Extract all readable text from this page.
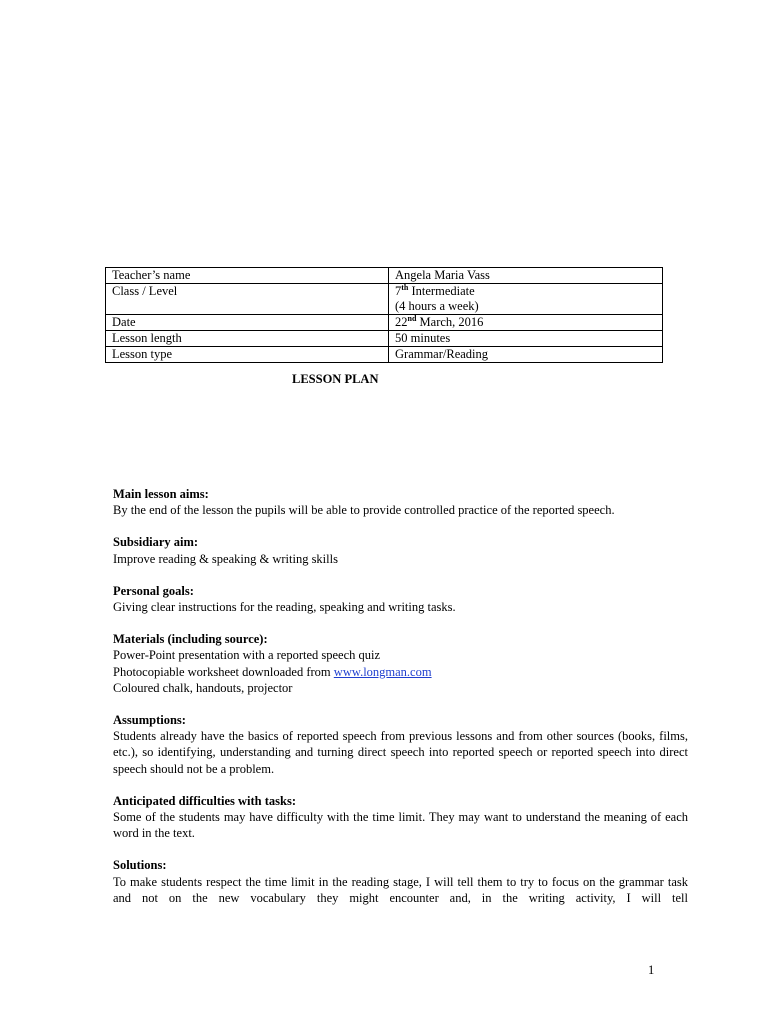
Teacher’s name	Angela Maria Vass
Class / Level	7th Intermediate
(4 hours a week)
Date	22nd March, 2016
Lesson length	50 minutes
Lesson type	Grammar/Reading
LESSON PLAN
Main lesson aims:

By the end of the lesson the pupils will be able to provide controlled practice of the reported speech.

Subsidiary aim:

Improve reading & speaking & writing skills

Personal goals:

Giving clear instructions for the reading, speaking and writing tasks.

Materials (including source):

Power-Point presentation with a reported speech quiz

Photocopiable worksheet downloaded from www.longman.com

Coloured chalk, handouts, projector

Assumptions:

Students already have the basics of reported speech from previous lessons and from other sources (books, films, etc.), so identifying, understanding and turning direct speech into reported speech or reported speech into direct speech should not be a problem.

Anticipated difficulties with tasks:

Some of the students may have difficulty with the time limit. They may want to understand the meaning of each word in the text.

Solutions:

To make students respect the time limit in the reading stage, I will tell them to try to focus on the grammar task and not on the new vocabulary they might encounter and, in the writing activity, I will tell

1
